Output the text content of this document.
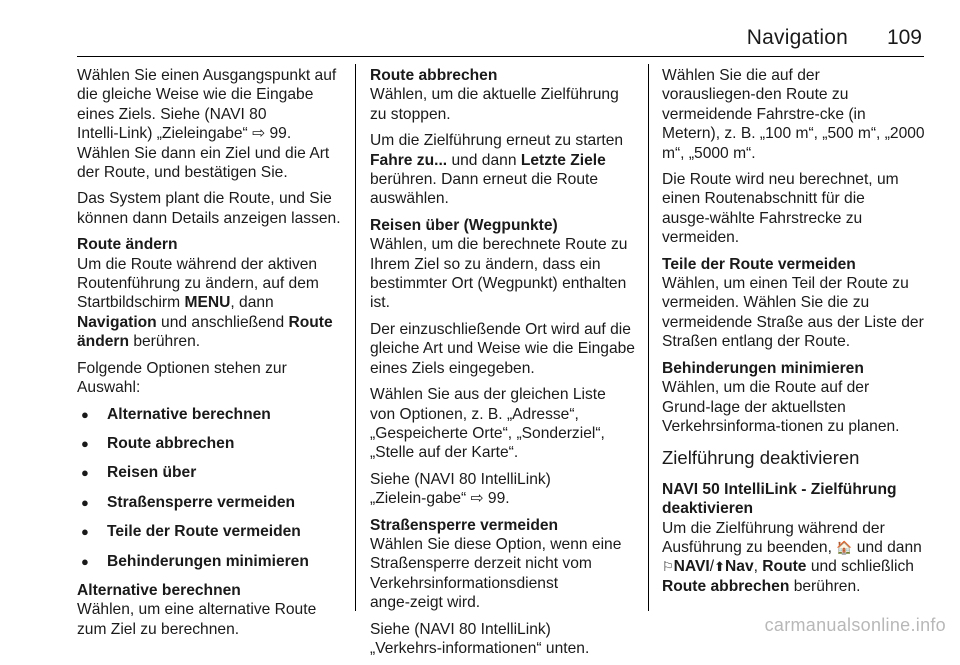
Navigation 109

Wählen Sie einen Ausgangspunkt auf die gleiche Weise wie die Eingabe eines Ziels. Siehe (NAVI 80 Intelli‑Link) „Zieleingabe“ ⇨ 99. Wählen Sie dann ein Ziel und die Art der Route, und bestätigen Sie.

Das System plant die Route, und Sie können dann Details anzeigen lassen.

Route ändern

Um die Route während der aktiven Routenführung zu ändern, auf dem Startbildschirm MENU, dann Navigation und anschließend Route ändern berühren.

Folgende Optionen stehen zur Auswahl:

● Alternative berechnen
● Route abbrechen
● Reisen über
● Straßensperre vermeiden
● Teile der Route vermeiden
● Behinderungen minimieren
Alternative berechnen

Wählen, um eine alternative Route zum Ziel zu berechnen.

Route abbrechen

Wählen, um die aktuelle Zielführung zu stoppen.

Um die Zielführung erneut zu starten Fahre zu... und dann Letzte Ziele berühren. Dann erneut die Route auswählen.

Reisen über (Wegpunkte)

Wählen, um die berechnete Route zu Ihrem Ziel so zu ändern, dass ein bestimmter Ort (Wegpunkt) enthalten ist.

Der einzuschließende Ort wird auf die gleiche Art und Weise wie die Eingabe eines Ziels eingegeben.

Wählen Sie aus der gleichen Liste von Optionen, z. B. „Adresse“, „Gespeicherte Orte“, „Sonderziel“, „Stelle auf der Karte“.

Siehe (NAVI 80 IntelliLink) „Zielein‑gabe“ ⇨ 99.

Straßensperre vermeiden

Wählen Sie diese Option, wenn eine Straßensperre derzeit nicht vom Verkehrsinformationsdienst ange‑zeigt wird.

Siehe (NAVI 80 IntelliLink) „Verkehrs‑informationen“ unten.

Wählen Sie die auf der vorausliegen‑den Route zu vermeidende Fahrstre‑cke (in Metern), z. B. „100 m“, „500 m“, „2000 m“, „5000 m“.

Die Route wird neu berechnet, um einen Routenabschnitt für die ausge‑wählte Fahrstrecke zu vermeiden.

Teile der Route vermeiden

Wählen, um einen Teil der Route zu vermeiden. Wählen Sie die zu vermeidende Straße aus der Liste der Straßen entlang der Route.

Behinderungen minimieren

Wählen, um die Route auf der Grund‑lage der aktuellsten Verkehrsinforma‑tionen zu planen.

Zielführung deaktivieren
NAVI 50 IntelliLink - Zielführung deaktivieren

Um die Zielführung während der Ausführung zu beenden, 🏠 und dann ⚐NAVI/⬆Nav, Route und schließlich Route abbrechen berühren.

carmanualsonline.info
